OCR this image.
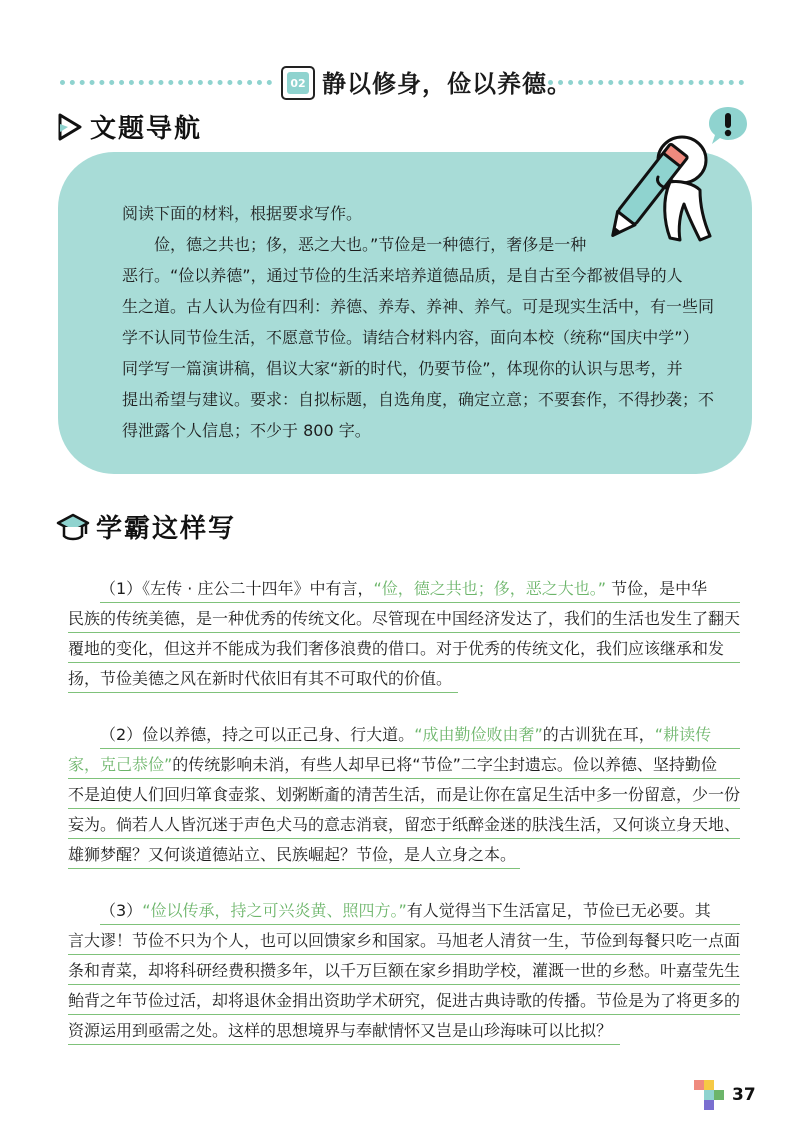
02 静以修身，俭以养德。
文题导航

阅读下面的材料，根据要求写作。

俭，德之共也；侈，恶之大也。”节俭是一种德行，奢侈是一种

恶行。“俭以养德”，通过节俭的生活来培养道德品质，是自古至今都被倡导的人

生之道。古人认为俭有四利：养德、养寿、养神、养气。可是现实生活中，有一些同

学不认同节俭生活，不愿意节俭。请结合材料内容，面向本校（统称“国庆中学”）

同学写一篇演讲稿，倡议大家“新的时代，仍要节俭”，体现你的认识与思考，并

提出希望与建议。要求：自拟标题，自选角度，确定立意；不要套作，不得抄袭；不

得泄露个人信息；不少于 800 字。

学霸这样写
（1）《左传 · 庄公二十四年》中有言，“俭，德之共也；侈，恶之大也。” 节俭，是中华
民族的传统美德，是一种优秀的传统文化。尽管现在中国经济发达了，我们的生活也发生了翻天
覆地的变化，但这并不能成为我们奢侈浪费的借口。对于优秀的传统文化，我们应该继承和发
扬，节俭美德之风在新时代依旧有其不可取代的价值。
（2）俭以养德，持之可以正己身、行大道。“成由勤俭败由奢”的古训犹在耳，“耕读传
家，克己恭俭”的传统影响未消，有些人却早已将“节俭”二字尘封遗忘。俭以养德、坚持勤俭
不是迫使人们回归箪食壶浆、划粥断齑的清苦生活，而是让你在富足生活中多一份留意，少一份
妄为。倘若人人皆沉迷于声色犬马的意志消衰，留恋于纸醉金迷的肤浅生活，又何谈立身天地、
雄狮梦醒？又何谈道德站立、民族崛起？节俭，是人立身之本。
（3）“俭以传承，持之可兴炎黄、照四方。”有人觉得当下生活富足，节俭已无必要。其
言大谬！节俭不只为个人，也可以回馈家乡和国家。马旭老人清贫一生，节俭到每餐只吃一点面
条和青菜，却将科研经费积攒多年，以千万巨额在家乡捐助学校，灌溉一世的乡愁。叶嘉莹先生
鲐背之年节俭过活，却将退休金捐出资助学术研究，促进古典诗歌的传播。节俭是为了将更多的
资源运用到亟需之处。这样的思想境界与奉献情怀又岂是山珍海味可以比拟？
37
